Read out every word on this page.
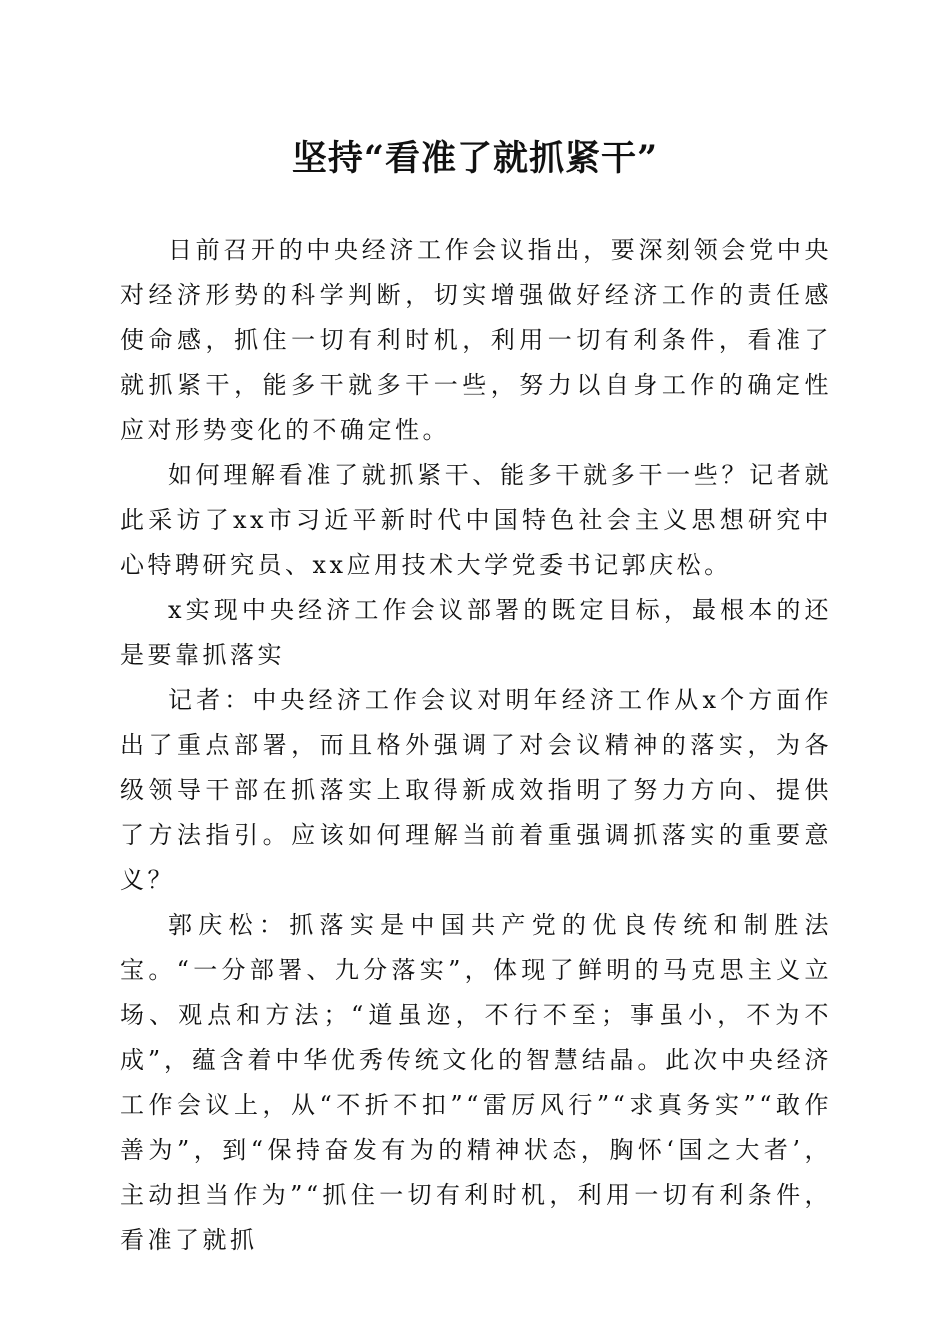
坚持“看准了就抓紧干”

日前召开的中央经济工作会议指出，要深刻领会党中央对经济形势的科学判断，切实增强做好经济工作的责任感使命感，抓住一切有利时机，利用一切有利条件，看准了就抓紧干，能多干就多干一些，努力以自身工作的确定性应对形势变化的不确定性。

如何理解看准了就抓紧干、能多干就多干一些？记者就此采访了xx市习近平新时代中国特色社会主义思想研究中心特聘研究员、xx应用技术大学党委书记郭庆松。

x实现中央经济工作会议部署的既定目标，最根本的还是要靠抓落实

记者：中央经济工作会议对明年经济工作从x个方面作出了重点部署，而且格外强调了对会议精神的落实，为各级领导干部在抓落实上取得新成效指明了努力方向、提供了方法指引。应该如何理解当前着重强调抓落实的重要意义？

郭庆松：抓落实是中国共产党的优良传统和制胜法宝。“一分部署、九分落实”，体现了鲜明的马克思主义立场、观点和方法；“道虽迩，不行不至；事虽小，不为不成”，蕴含着中华优秀传统文化的智慧结晶。此次中央经济工作会议上，从“不折不扣”“雷厉风行”“求真务实”“敢作善为”，到“保持奋发有为的精神状态，胸怀‘国之大者’，主动担当作为”“抓住一切有利时机，利用一切有利条件，看准了就抓
